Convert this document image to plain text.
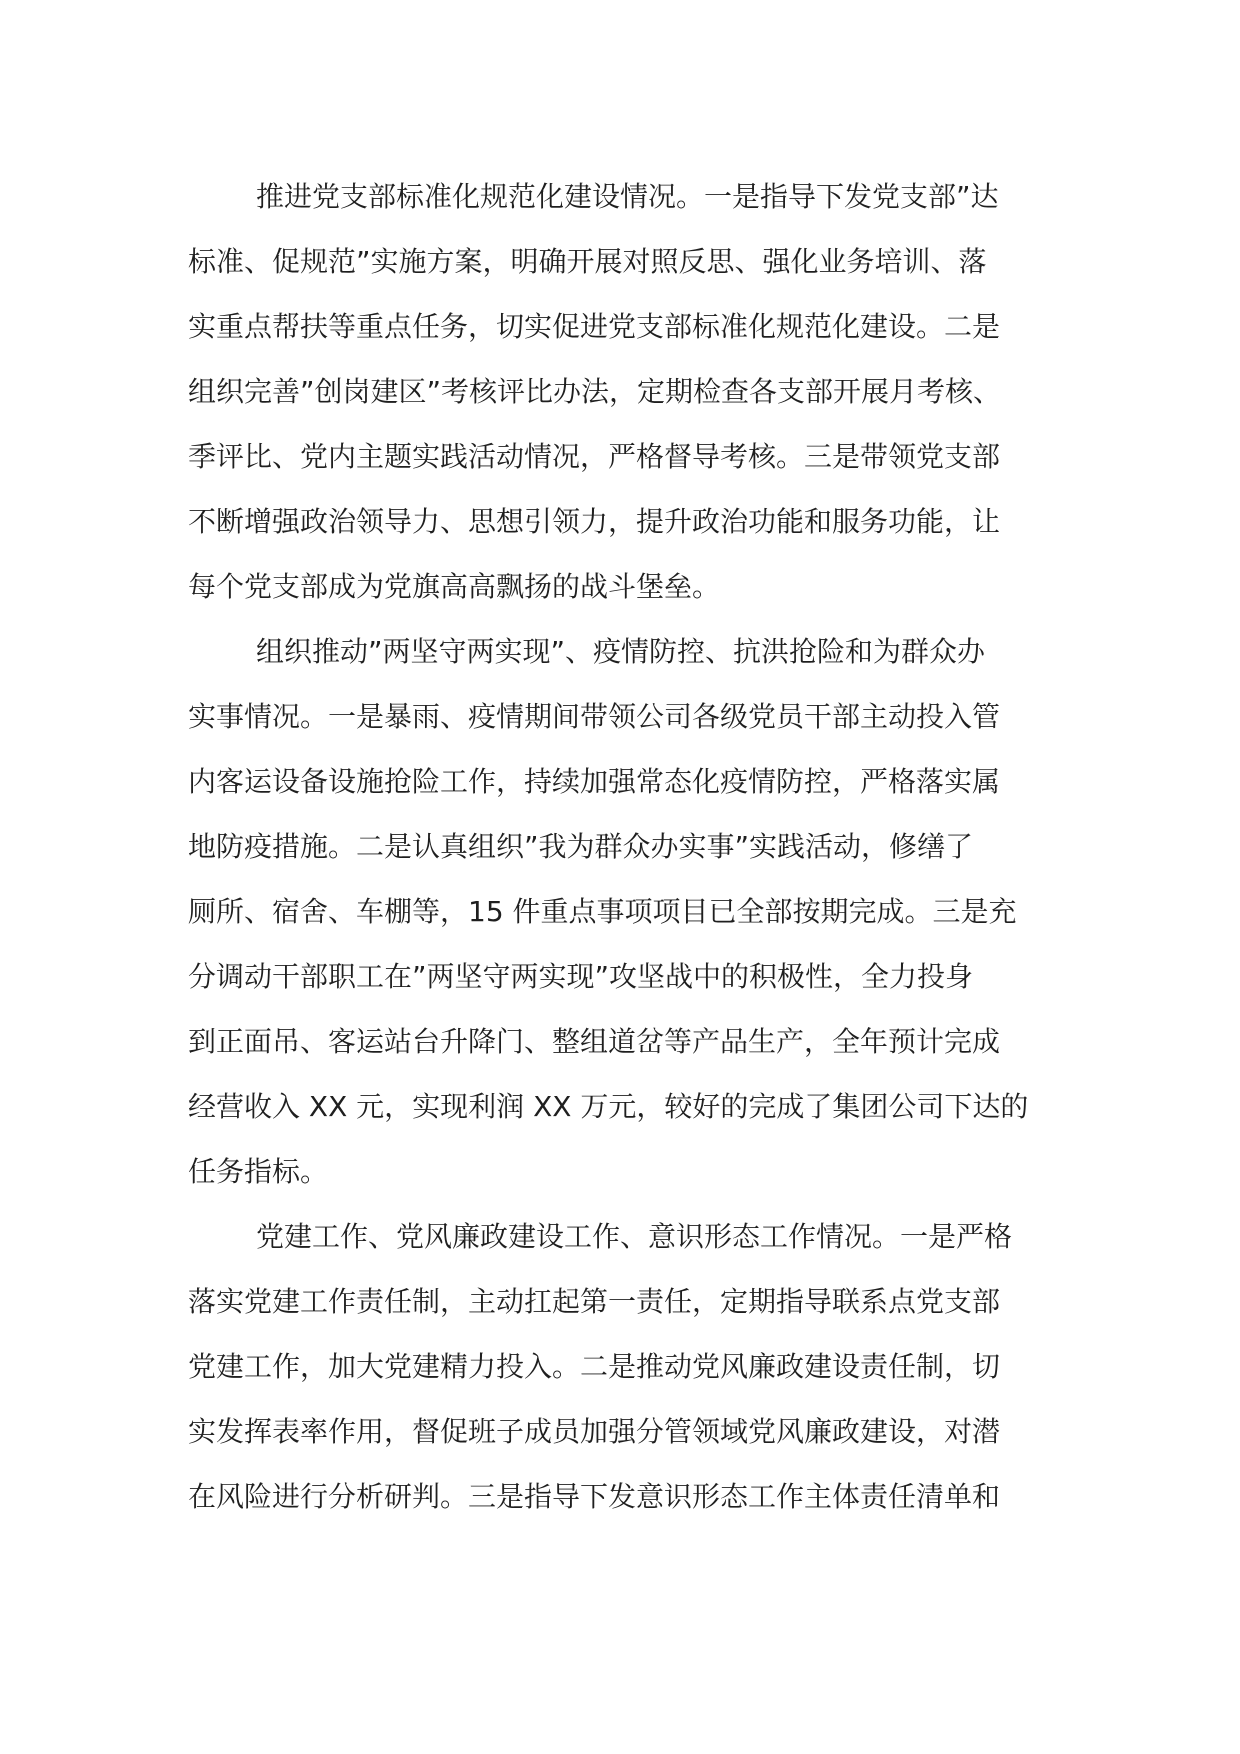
推进党支部标准化规范化建设情况。一是指导下发党支部”达
标准、促规范”实施方案，明确开展对照反思、强化业务培训、落
实重点帮扶等重点任务，切实促进党支部标准化规范化建设。二是
组织完善”创岗建区”考核评比办法，定期检查各支部开展月考核、
季评比、党内主题实践活动情况，严格督导考核。三是带领党支部
不断增强政治领导力、思想引领力，提升政治功能和服务功能，让
每个党支部成为党旗高高飘扬的战斗堡垒。

组织推动”两坚守两实现”、疫情防控、抗洪抢险和为群众办
实事情况。一是暴雨、疫情期间带领公司各级党员干部主动投入管
内客运设备设施抢险工作，持续加强常态化疫情防控，严格落实属
地防疫措施。二是认真组织”我为群众办实事”实践活动，修缮了
厕所、宿舍、车棚等，15 件重点事项项目已全部按期完成。三是充
分调动干部职工在”两坚守两实现”攻坚战中的积极性，全力投身
到正面吊、客运站台升降门、整组道岔等产品生产，全年预计完成
经营收入 XX 元，实现利润 XX 万元，较好的完成了集团公司下达的
任务指标。

党建工作、党风廉政建设工作、意识形态工作情况。一是严格
落实党建工作责任制，主动扛起第一责任，定期指导联系点党支部
党建工作，加大党建精力投入。二是推动党风廉政建设责任制，切
实发挥表率作用，督促班子成员加强分管领域党风廉政建设，对潜
在风险进行分析研判。三是指导下发意识形态工作主体责任清单和
